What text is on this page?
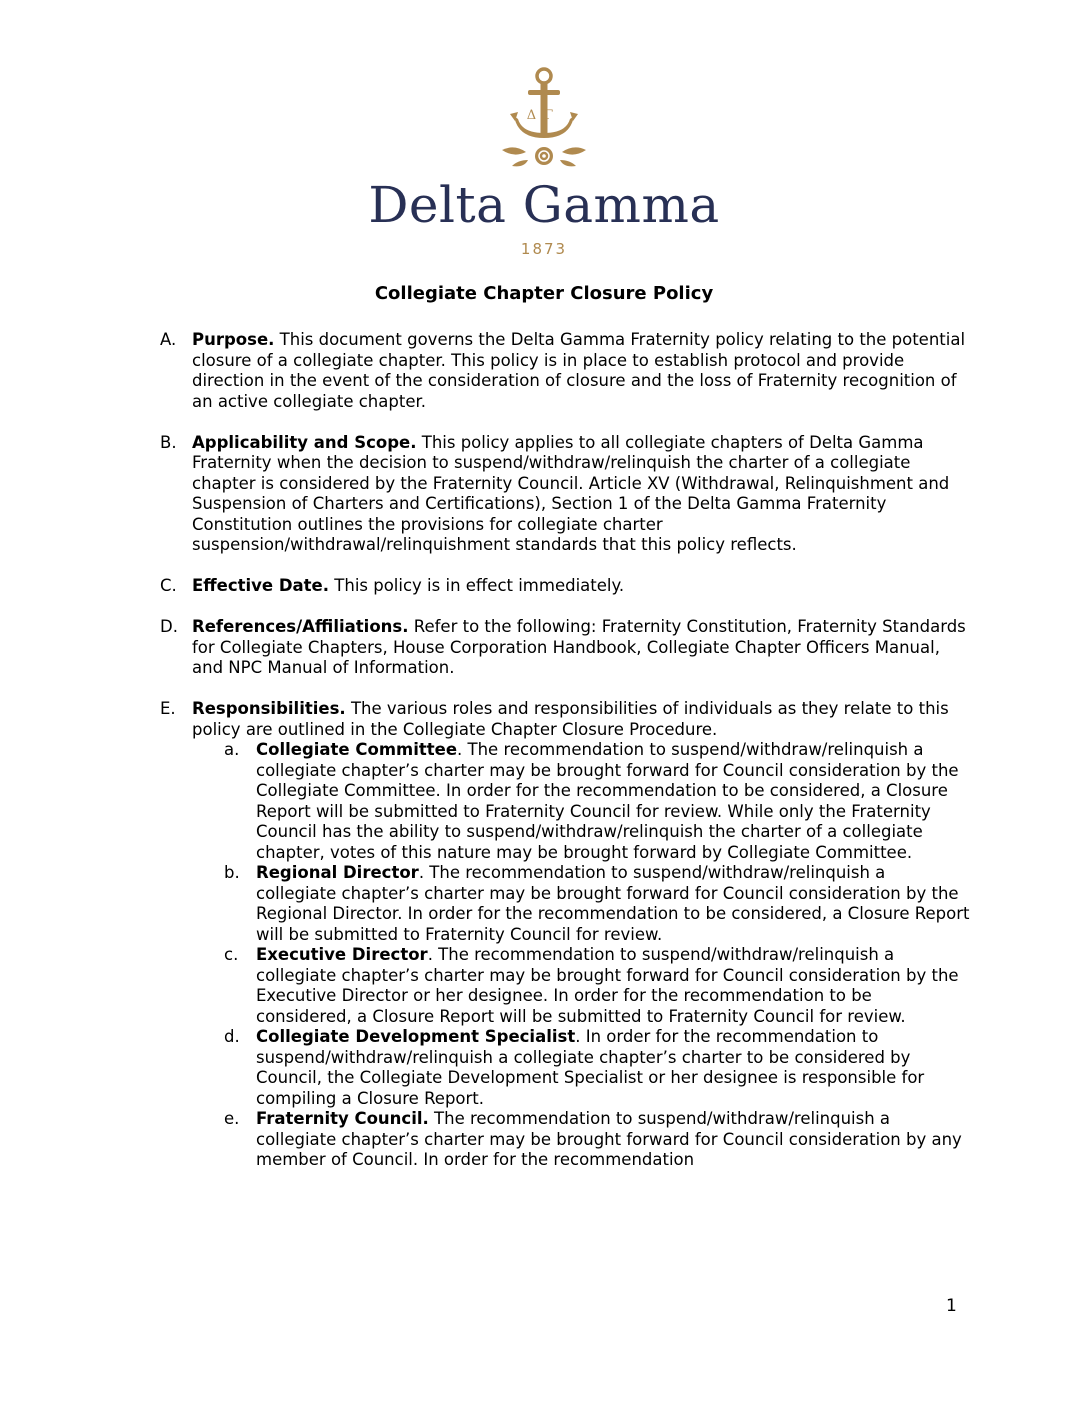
ΔΓ
Delta Gamma
1873
Collegiate Chapter Closure Policy
A. Purpose. This document governs the Delta Gamma Fraternity policy relating to the potential closure of a collegiate chapter. This policy is in place to establish protocol and provide direction in the event of the consideration of closure and the loss of Fraternity recognition of an active collegiate chapter.
B. Applicability and Scope. This policy applies to all collegiate chapters of Delta Gamma Fraternity when the decision to suspend/withdraw/relinquish the charter of a collegiate chapter is considered by the Fraternity Council. Article XV (Withdrawal, Relinquishment and Suspension of Charters and Certifications), Section 1 of the Delta Gamma Fraternity Constitution outlines the provisions for collegiate charter suspension/withdrawal/relinquishment standards that this policy reflects.
C. Effective Date. This policy is in effect immediately.
D. References/Affiliations. Refer to the following: Fraternity Constitution, Fraternity Standards for Collegiate Chapters, House Corporation Handbook, Collegiate Chapter Officers Manual, and NPC Manual of Information.
E. Responsibilities. The various roles and responsibilities of individuals as they relate to this policy are outlined in the Collegiate Chapter Closure Procedure.
a. Collegiate Committee. The recommendation to suspend/withdraw/relinquish a collegiate chapter’s charter may be brought forward for Council consideration by the Collegiate Committee. In order for the recommendation to be considered, a Closure Report will be submitted to Fraternity Council for review. While only the Fraternity Council has the ability to suspend/withdraw/relinquish the charter of a collegiate chapter, votes of this nature may be brought forward by Collegiate Committee.
b. Regional Director. The recommendation to suspend/withdraw/relinquish a collegiate chapter’s charter may be brought forward for Council consideration by the Regional Director. In order for the recommendation to be considered, a Closure Report will be submitted to Fraternity Council for review.
c. Executive Director. The recommendation to suspend/withdraw/relinquish a collegiate chapter’s charter may be brought forward for Council consideration by the Executive Director or her designee. In order for the recommendation to be considered, a Closure Report will be submitted to Fraternity Council for review.
d. Collegiate Development Specialist. In order for the recommendation to suspend/withdraw/relinquish a collegiate chapter’s charter to be considered by Council, the Collegiate Development Specialist or her designee is responsible for compiling a Closure Report.
e. Fraternity Council. The recommendation to suspend/withdraw/relinquish a collegiate chapter’s charter may be brought forward for Council consideration by any member of Council. In order for the recommendation
1
